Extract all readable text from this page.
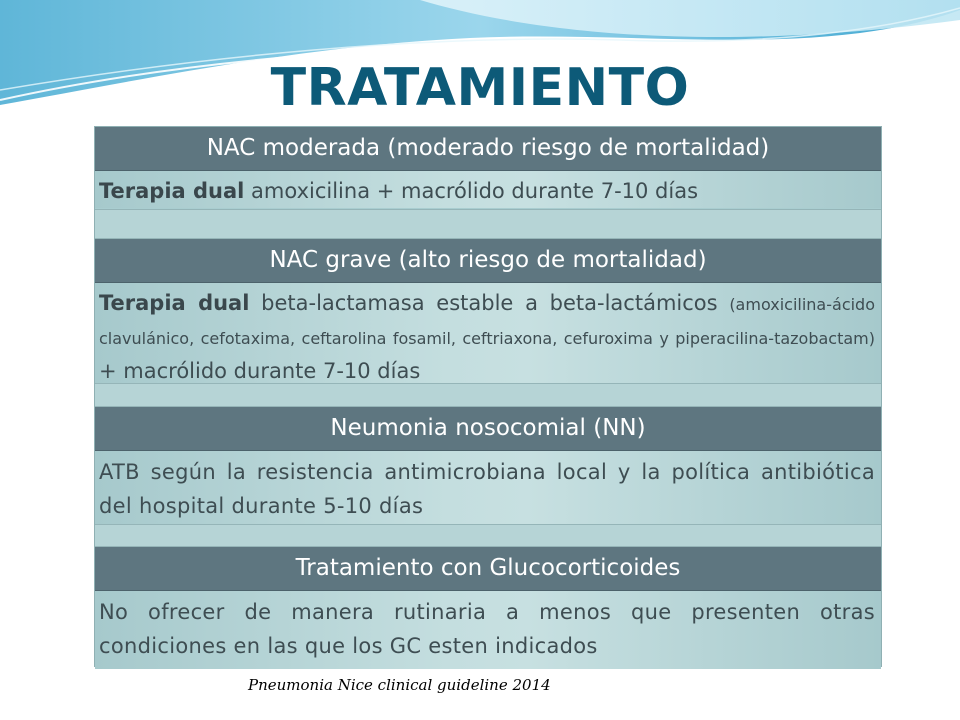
TRATAMIENTO
NAC moderada (moderado riesgo de mortalidad)
Terapia dual amoxicilina + macrólido durante 7-10 días
NAC grave (alto riesgo de mortalidad)
Terapia dual beta-lactamasa estable a beta-lactámicos (amoxicilina-ácido clavulánico, cefotaxima, ceftarolina fosamil, ceftriaxona, cefuroxima y piperacilina-tazobactam) + macrólido durante 7-10 días
Neumonia nosocomial (NN)
ATB según la resistencia antimicrobiana local y la política antibiótica del hospital durante 5-10 días
Tratamiento con Glucocorticoides
No ofrecer de manera rutinaria a menos que presenten otras condiciones en las que los GC esten indicados
Pneumonia Nice clinical guideline 2014
